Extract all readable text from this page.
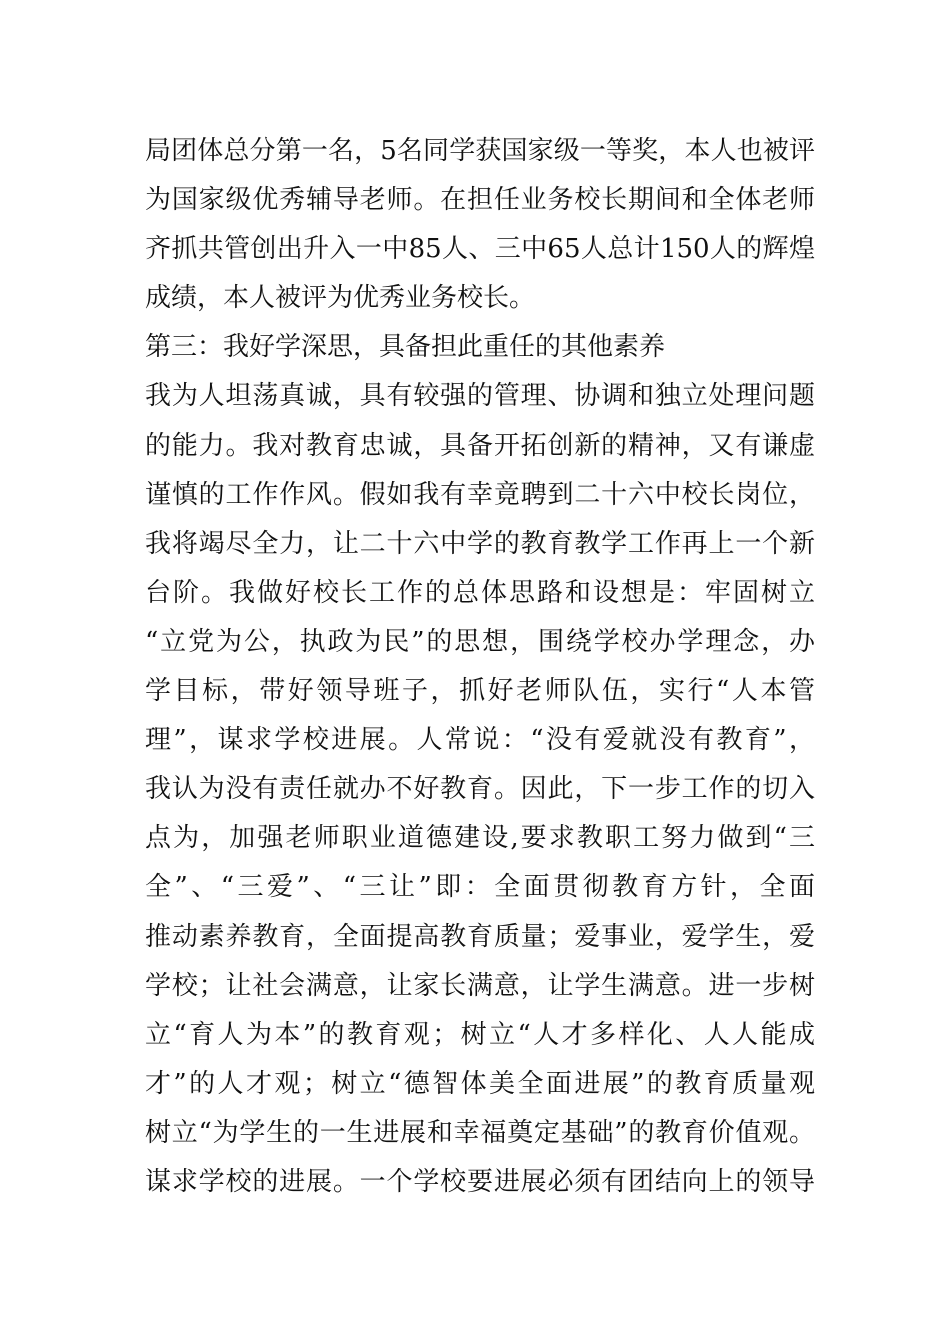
局团体总分第一名，5名同学获国家级一等奖，本人也被评
为国家级优秀辅导老师。在担任业务校长期间和全体老师
齐抓共管创出升入一中85人、三中65人总计150人的辉煌
成绩，本人被评为优秀业务校长。
第三：我好学深思，具备担此重任的其他素养
我为人坦荡真诚，具有较强的管理、协调和独立处理问题
的能力。我对教育忠诚，具备开拓创新的精神，又有谦虚
谨慎的工作作风。假如我有幸竟聘到二十六中校长岗位，
我将竭尽全力，让二十六中学的教育教学工作再上一个新
台阶。我做好校长工作的总体思路和设想是：牢固树立
“立党为公，执政为民”的思想，围绕学校办学理念，办
学目标，带好领导班子，抓好老师队伍，实行“人本管
理”，谋求学校进展。人常说：“没有爱就没有教育”，
我认为没有责任就办不好教育。因此，下一步工作的切入
点为，加强老师职业道德建设,要求教职工努力做到“三
全”、“三爱”、“三让”即：全面贯彻教育方针，全面
推动素养教育，全面提高教育质量；爱事业，爱学生，爱
学校；让社会满意，让家长满意，让学生满意。进一步树
立“育人为本”的教育观；树立“人才多样化、人人能成
才”的人才观；树立“德智体美全面进展”的教育质量观
树立“为学生的一生进展和幸福奠定基础”的教育价值观。
谋求学校的进展。一个学校要进展必须有团结向上的领导
